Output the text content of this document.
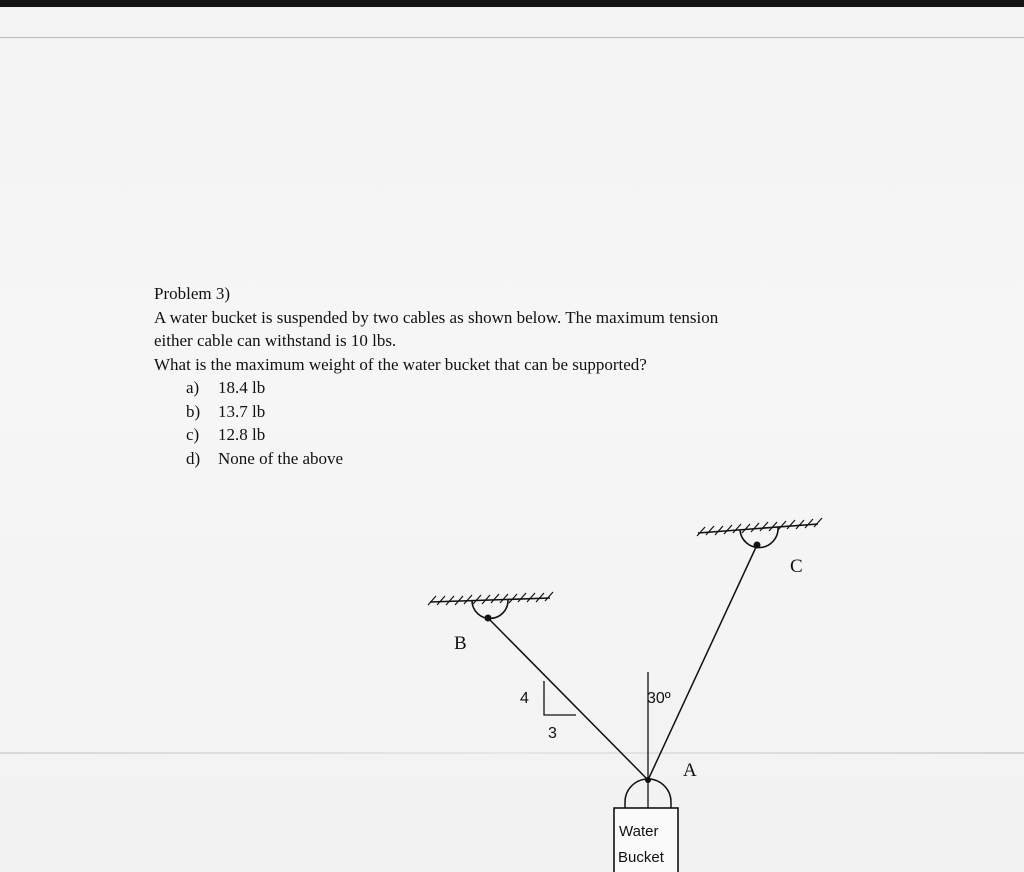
Problem 3)
A water bucket is suspended by two cables as shown below. The maximum tension
either cable can withstand is 10 lbs.
What is the maximum weight of the water bucket that can be supported?
a) 18.4 lb
b) 13.7 lb
c) 12.8 lb
d) None of the above
B
C
A
4
3
30º
Water
Bucket
